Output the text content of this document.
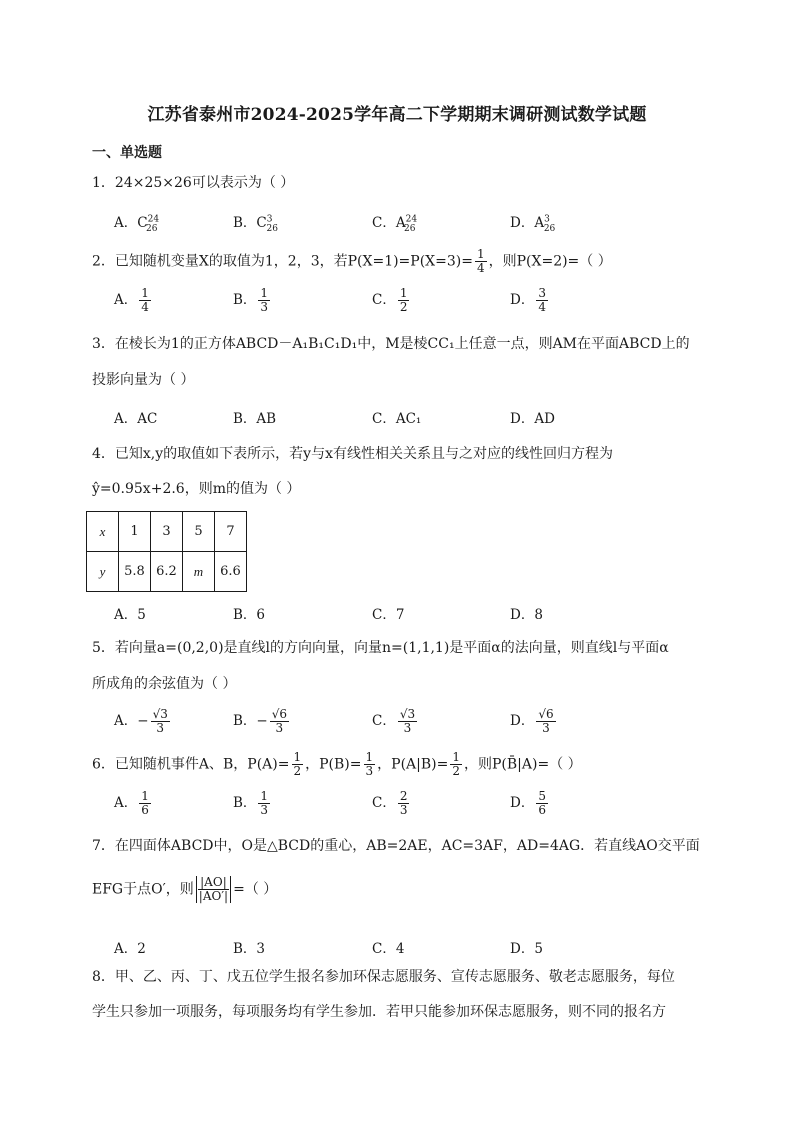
江苏省泰州市2024-2025学年高二下学期期末调研测试数学试题
一、单选题
1．24×25×26可以表示为（ ）
A．$C^{24}_{26}$	B．$C^3_{26}$	C．$A^{24}_{26}$	D．$A^3_{26}$
2．已知随机变量X的取值为1，2，3，若$P(X=1)=P(X=3)= \frac{1}{4}$ ，则P(X=2)=（ ）
A． $\frac{1}{4}$	B． $\frac{1}{3}$	C． $\frac{1}{2}$	D． $\frac{3}{4}$
3．在棱长为1的正方体ABCD－A₁B₁C₁D₁中，M是棱CC₁上任意一点，则AM在平面ABCD上的
投影向量为（ ）
A．AC	B．AB	C．AC₁	D．AD
4．已知x,y的取值如下表所示，若y与x有线性相关关系且与之对应的线性回归方程为
ŷ=0.95x+2.6，则m的值为（ ）
x	1	3	5	7
y	5.8	6.2	m	6.6
A．5	B．6	C．7	D．8
5．若向量a=(0,2,0)是直线l的方向向量，向量n=(1,1,1)是平面α的法向量，则直线l与平面α
所成角的余弦值为（ ）
A．− $\frac{√3}{3}$	B．− $\frac{√6}{3}$	C． $\frac{√3}{3}$	D． $\frac{√6}{3}$
6．已知随机事件A、B，$P(A)= \frac{1}{2}$ ，$P(B)= \frac{1}{3}$ ，$P(A|B)= \frac{1}{2}$ ，则P(B̄|A)=（ ）
A． $\frac{1}{6}$	B． $\frac{1}{3}$	C． $\frac{2}{3}$	D． $\frac{5}{6}$
7．在四面体ABCD中，O是△BCD的重心，AB=2AE，AC=3AF，AD=4AG．若直线AO交平面
EFG于点O′，则 $\frac{|AO|}{|AO'|}$ =（ ）
A．2	B．3	C．4	D．5
8．甲、乙、丙、丁、戊五位学生报名参加环保志愿服务、宣传志愿服务、敬老志愿服务，每位
学生只参加一项服务，每项服务均有学生参加．若甲只能参加环保志愿服务，则不同的报名方
